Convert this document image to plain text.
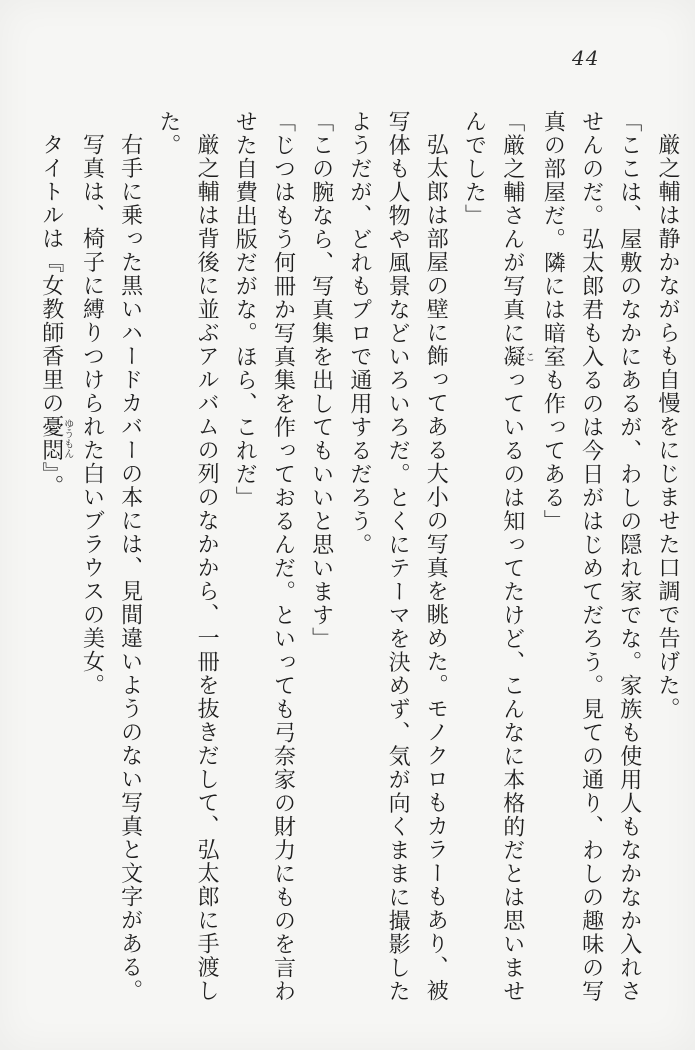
44
厳之輔は静かながらも自慢をにじませた口調で告げた。
「ここは、屋敷のなかにあるが、わしの隠れ家でな。家族も使用人もなかなか入れさ
せんのだ。弘太郎君も入るのは今日がはじめてだろう。見ての通り、わしの趣味の写
真の部屋だ。隣には暗室も作ってある」
「厳之輔さんが写真に凝こっているのは知ってたけど、こんなに本格的だとは思いませ
んでした」
弘太郎は部屋の壁に飾ってある大小の写真を眺めた。モノクロもカラーもあり、被
写体も人物や風景などいろいろだ。とくにテーマを決めず、気が向くままに撮影した
ようだが、どれもプロで通用するだろう。
「この腕なら、写真集を出してもいいと思います」
「じつはもう何冊か写真集を作っておるんだ。といっても弓奈家の財力にものを言わ
せた自費出版だがな。ほら、これだ」
厳之輔は背後に並ぶアルバムの列のなかから、一冊を抜きだして、弘太郎に手渡し
た。
右手に乗った黒いハードカバーの本には、見間違いようのない写真と文字がある。
写真は、椅子に縛りつけられた白いブラウスの美女。
タイトルは『女教師香里の憂悶ゆうもん』。
